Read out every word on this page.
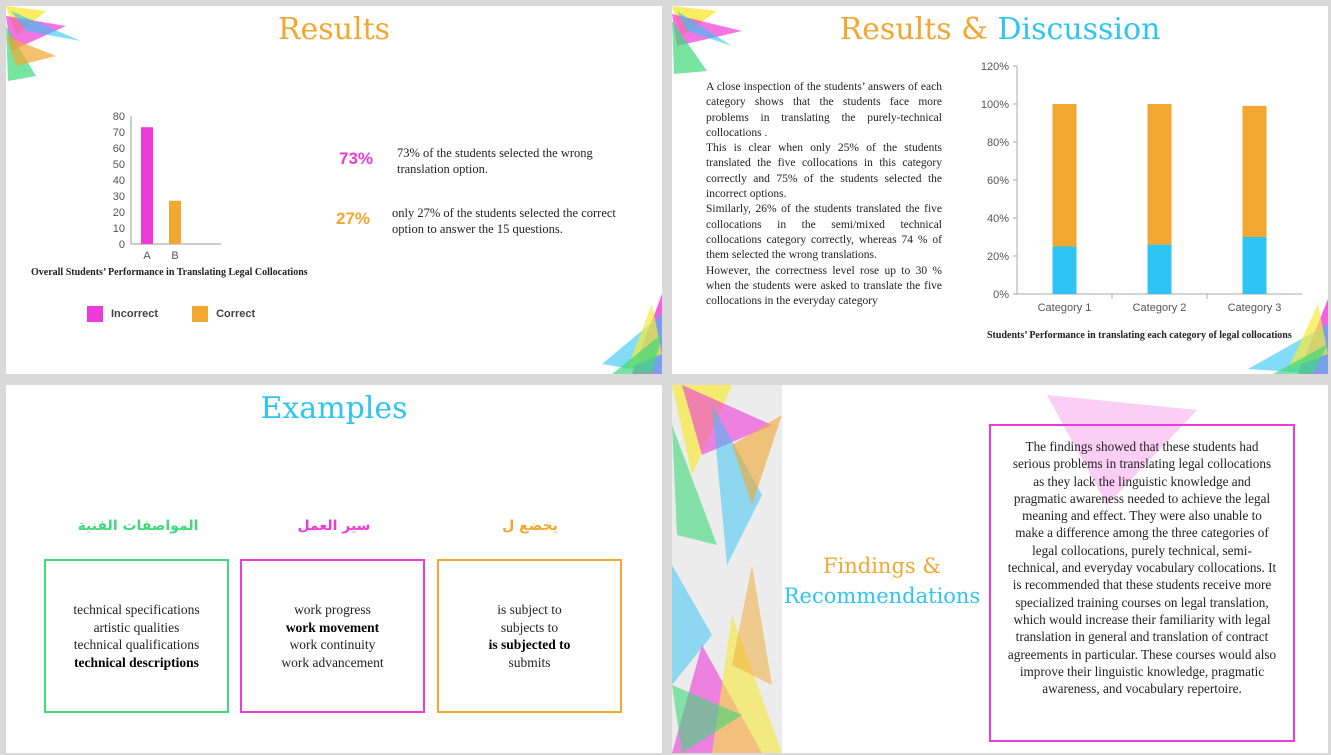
Results
0
10
20
30
40
50
60
70
80
A B
Overall Students’ Performance in Translating Legal Collocations
Incorrect	Correct
73% 73% of the students selected the wrong translation option.
27% only 27% of the students selected the correct option to answer the 15 questions.
Results & Discussion
A close inspection of the students’ answers of each category shows that the students face more problems in translating the purely-technical collocations .
This is clear when only 25% of the students translated the five collocations in this category correctly and 75% of the students selected the incorrect options.
Similarly, 26% of the students translated the five collocations in the semi/mixed technical collocations category correctly, whereas 74 % of them selected the wrong translations.
However, the correctness level rose up to 30 % when the students were asked to translate the five collocations in the everyday category
0%
20%
40%
60%
80%
100%
120%
Category 1	Category 2	Category 3
Students’ Performance in translating each category of legal collocations
Examples
المواصفات الفنية	سير العمل	يخضع ل
technical specifications
artistic qualities
technical qualifications
technical descriptions
work progress
work movement
work continuity
work advancement
is subject to
subjects to
is subjected to
submits
Findings &
Recommendations
The findings showed that these students had serious problems in translating legal collocations as they lack the linguistic knowledge and pragmatic awareness needed to achieve the legal meaning and effect. They were also unable to make a difference among the three categories of legal collocations, purely technical, semi-technical, and everyday vocabulary collocations. It is recommended that these students receive more specialized training courses on legal translation, which would increase their familiarity with legal translation in general and translation of contract agreements in particular. These courses would also improve their linguistic knowledge, pragmatic awareness, and vocabulary repertoire.
